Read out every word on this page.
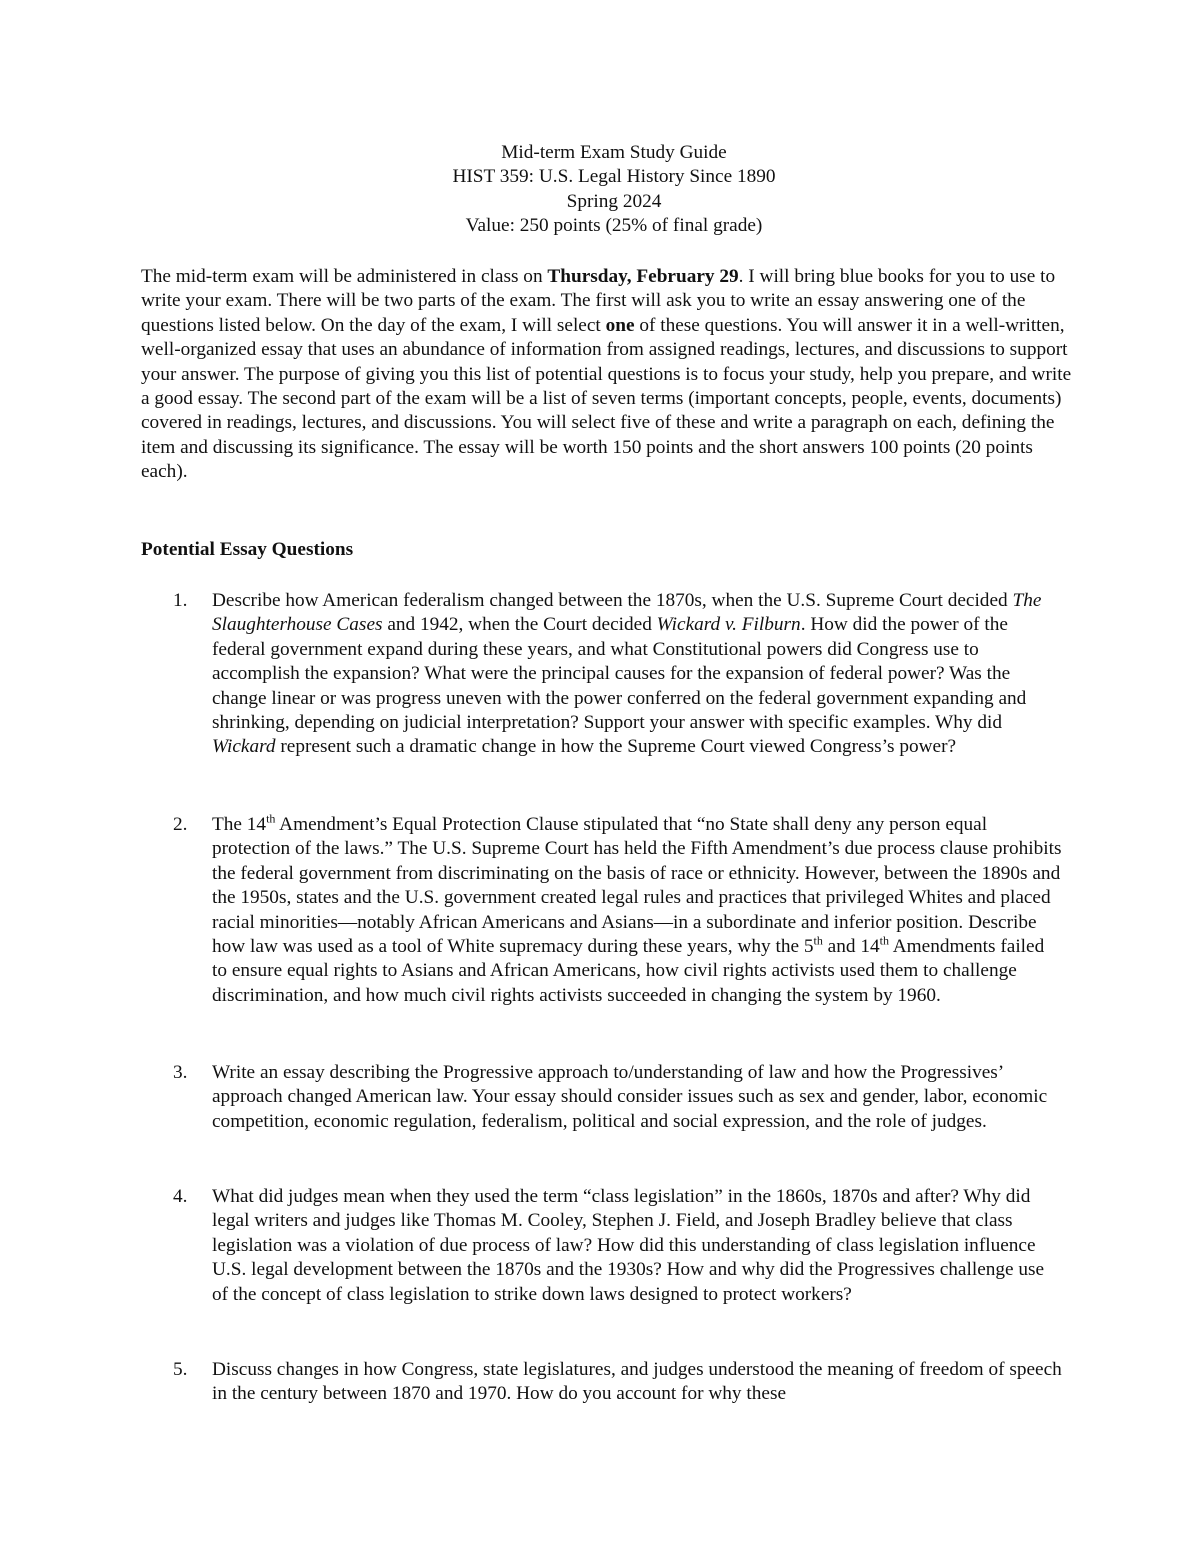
Mid-term Exam Study Guide
HIST 359: U.S. Legal History Since 1890
Spring 2024
Value: 250 points (25% of final grade)

The mid-term exam will be administered in class on Thursday, February 29. I will bring blue books for you to use to write your exam. There will be two parts of the exam. The first will ask you to write an essay answering one of the questions listed below. On the day of the exam, I will select one of these questions. You will answer it in a well-written, well-organized essay that uses an abundance of information from assigned readings, lectures, and discussions to support your answer. The purpose of giving you this list of potential questions is to focus your study, help you prepare, and write a good essay. The second part of the exam will be a list of seven terms (important concepts, people, events, documents) covered in readings, lectures, and discussions. You will select five of these and write a paragraph on each, defining the item and discussing its significance. The essay will be worth 150 points and the short answers 100 points (20 points each).

Potential Essay Questions

1. Describe how American federalism changed between the 1870s, when the U.S. Supreme Court decided The Slaughterhouse Cases and 1942, when the Court decided Wickard v. Filburn. How did the power of the federal government expand during these years, and what Constitutional powers did Congress use to accomplish the expansion? What were the principal causes for the expansion of federal power? Was the change linear or was progress uneven with the power conferred on the federal government expanding and shrinking, depending on judicial interpretation? Support your answer with specific examples. Why did Wickard represent such a dramatic change in how the Supreme Court viewed Congress’s power?
2. The 14th Amendment’s Equal Protection Clause stipulated that “no State shall deny any person equal protection of the laws.” The U.S. Supreme Court has held the Fifth Amendment’s due process clause prohibits the federal government from discriminating on the basis of race or ethnicity. However, between the 1890s and the 1950s, states and the U.S. government created legal rules and practices that privileged Whites and placed racial minorities—notably African Americans and Asians—in a subordinate and inferior position. Describe how law was used as a tool of White supremacy during these years, why the 5th and 14th Amendments failed to ensure equal rights to Asians and African Americans, how civil rights activists used them to challenge discrimination, and how much civil rights activists succeeded in changing the system by 1960.
3. Write an essay describing the Progressive approach to/understanding of law and how the Progressives’ approach changed American law. Your essay should consider issues such as sex and gender, labor, economic competition, economic regulation, federalism, political and social expression, and the role of judges.
4. What did judges mean when they used the term “class legislation” in the 1860s, 1870s and after? Why did legal writers and judges like Thomas M. Cooley, Stephen J. Field, and Joseph Bradley believe that class legislation was a violation of due process of law? How did this understanding of class legislation influence U.S. legal development between the 1870s and the 1930s? How and why did the Progressives challenge use of the concept of class legislation to strike down laws designed to protect workers?
5. Discuss changes in how Congress, state legislatures, and judges understood the meaning of freedom of speech in the century between 1870 and 1970. How do you account for why these
